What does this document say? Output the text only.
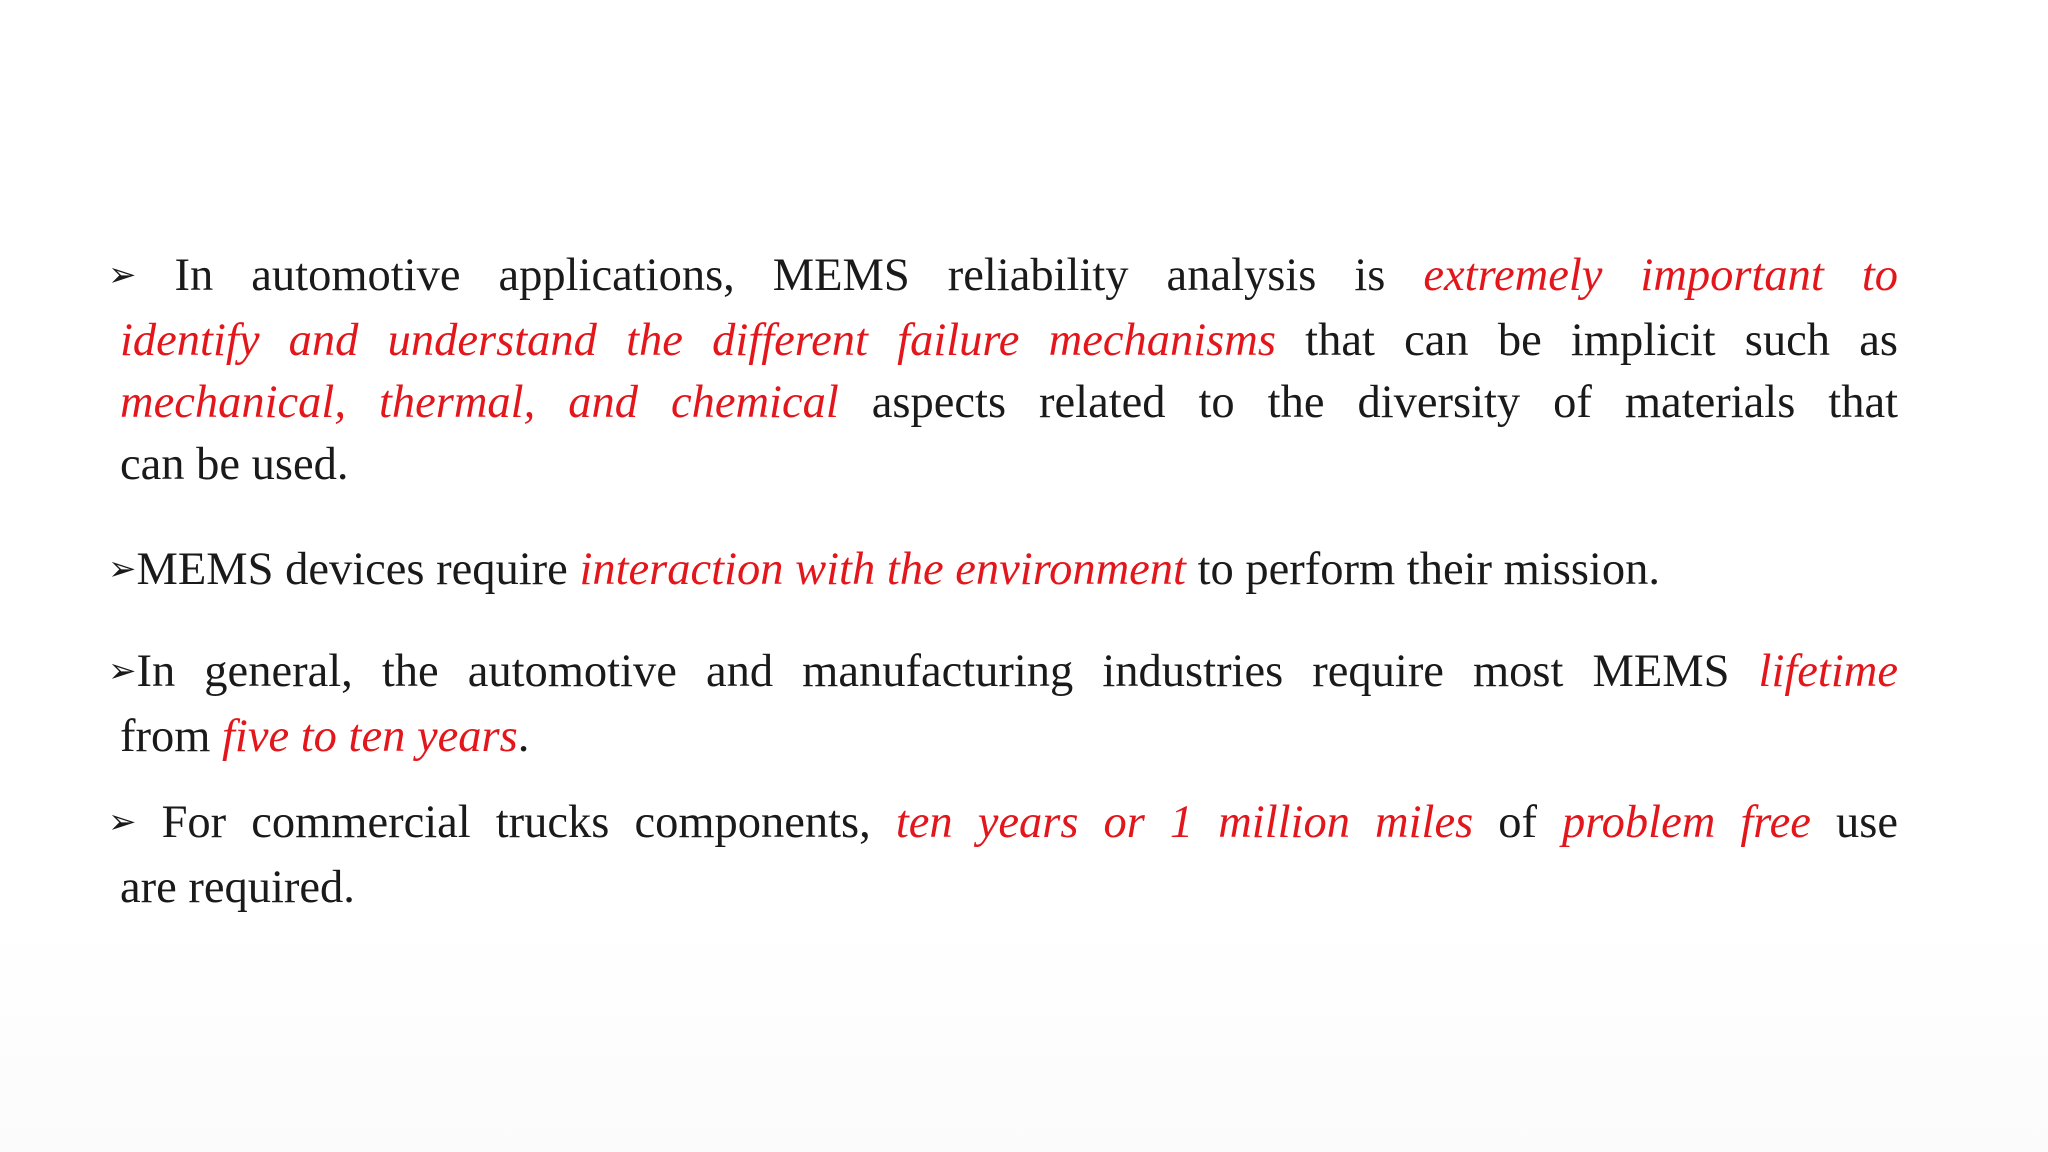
➢ In automotive applications, MEMS reliability analysis is extremely important to
identify and understand the different failure mechanisms that can be implicit such as
mechanical, thermal, and chemical aspects related to the diversity of materials that
can be used.
➢MEMS devices require interaction with the environment to perform their mission.
➢In general, the automotive and manufacturing industries require most MEMS lifetime
from five to ten years.
➢ For commercial trucks components, ten years or 1 million miles of problem free use
are required.
